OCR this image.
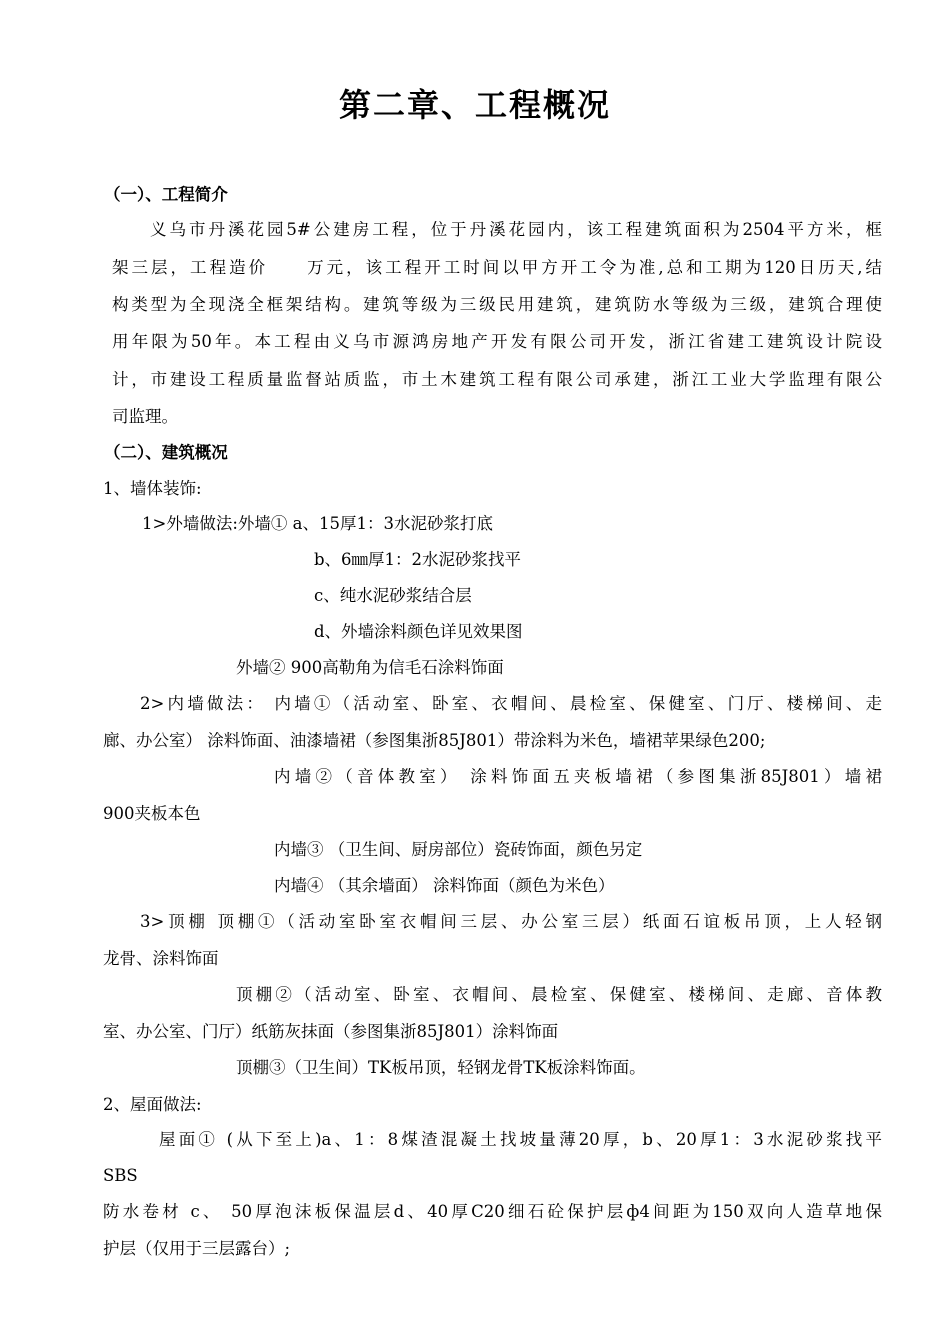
第二章、工程概况
（一）、工程简介
义乌市丹溪花园5#公建房工程，位于丹溪花园内，该工程建筑面积为2504平方米，框
架三层，工程造价　　万元，该工程开工时间以甲方开工令为准,总和工期为120日历天,结
构类型为全现浇全框架结构。建筑等级为三级民用建筑，建筑防水等级为三级，建筑合理使
用年限为50年。本工程由义乌市源鸿房地产开发有限公司开发，浙江省建工建筑设计院设
计，市建设工程质量监督站质监，市土木建筑工程有限公司承建，浙江工业大学监理有限公
司监理。
（二）、建筑概况
1、墙体装饰:
1>外墙做法:外墙① a、15厚1：3水泥砂浆打底
b、6㎜厚1：2水泥砂浆找平
c、纯水泥砂浆结合层
d、外墙涂料颜色详见效果图
外墙② 900高勒角为信毛石涂料饰面
2>内墙做法： 内墙①（活动室、卧室、衣帽间、晨检室、保健室、门厅、楼梯间、走
廊、办公室） 涂料饰面、油漆墙裙（参图集浙85J801）带涂料为米色，墙裙苹果绿色200;
内墙②（音体教室） 涂料饰面五夹板墙裙（参图集浙85J801）墙裙
900夹板本色
内墙③ （卫生间、厨房部位）瓷砖饰面，颜色另定
内墙④ （其余墙面） 涂料饰面（颜色为米色）
3>顶棚 顶棚①（活动室卧室衣帽间三层、办公室三层）纸面石谊板吊顶，上人轻钢
龙骨、涂料饰面
顶棚②（活动室、卧室、衣帽间、晨检室、保健室、楼梯间、走廊、音体教
室、办公室、门厅）纸筋灰抹面（参图集浙85J801）涂料饰面
顶棚③（卫生间）TK板吊顶，轻钢龙骨TK板涂料饰面。
2、屋面做法:
屋面① (从下至上)a、1：8煤渣混凝土找坡量薄20厚，b、20厚1：3水泥砂浆找平
SBS
防水卷材 c、 50厚泡沫板保温层d、40厚C20细石砼保护层ф4间距为150双向人造草地保
护层（仅用于三层露台）;
